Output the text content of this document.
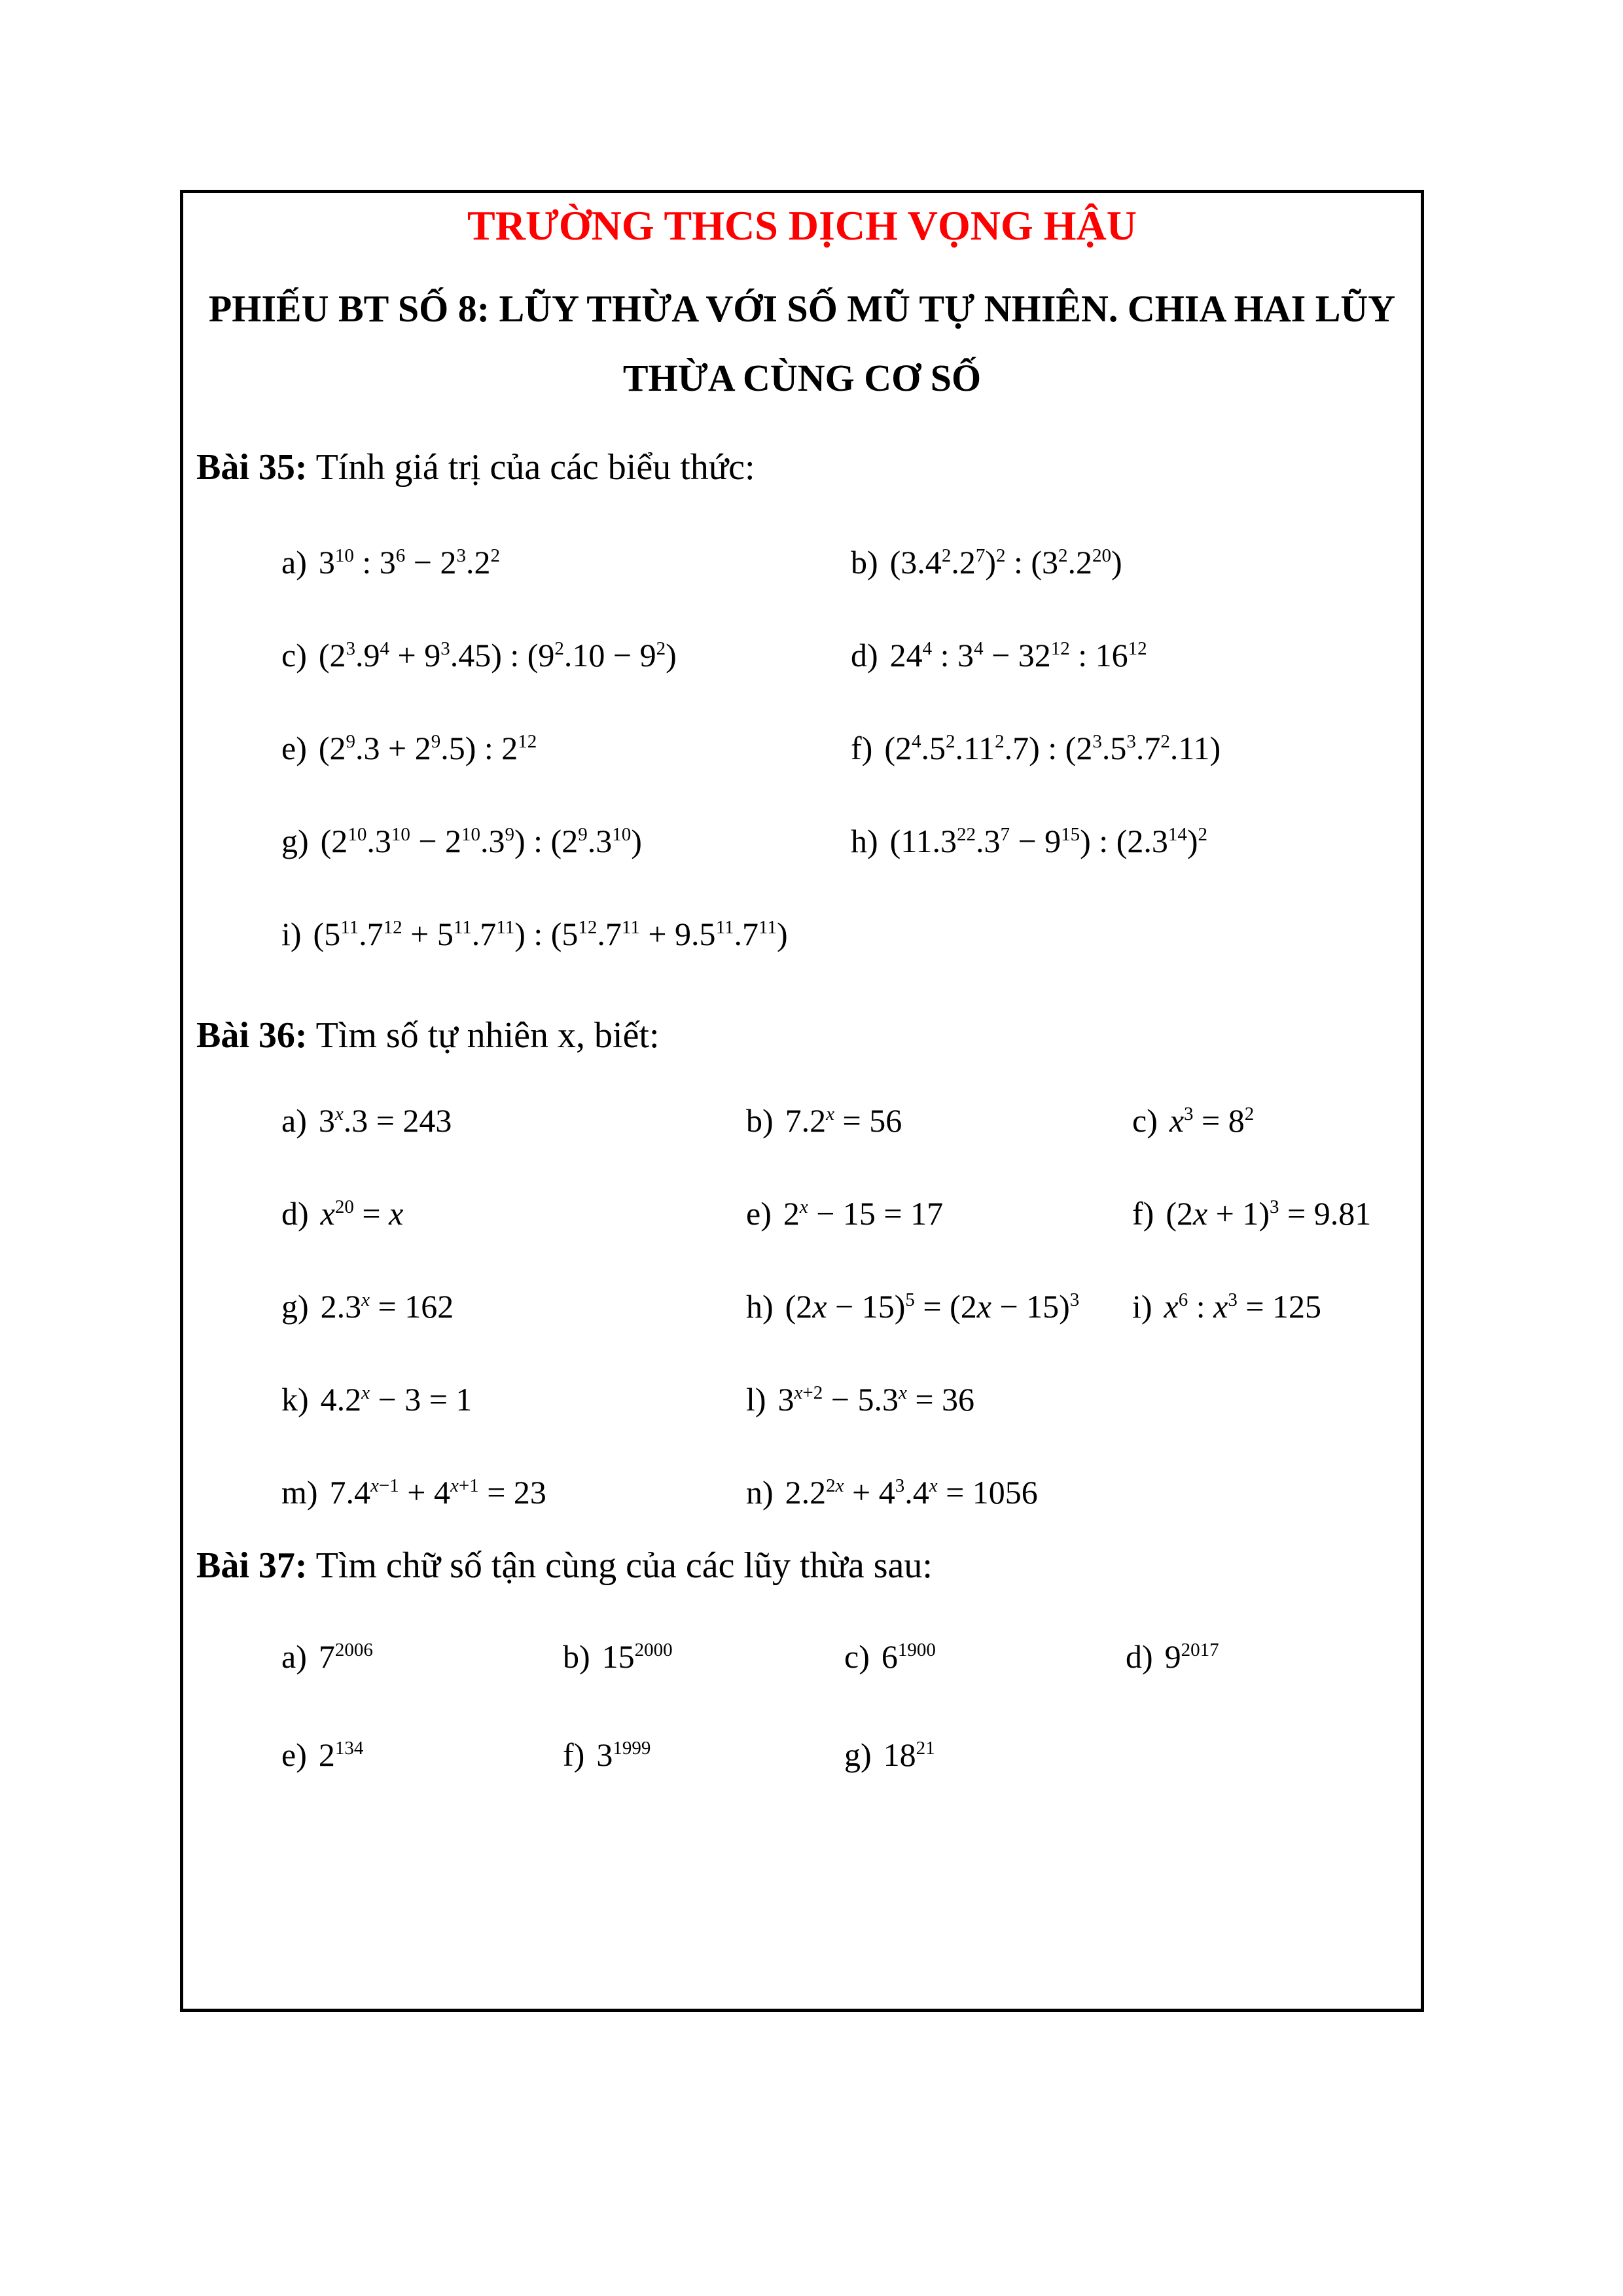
TRƯỜNG THCS DỊCH VỌNG HẬU
PHIẾU BT SỐ 8: LŨY THỪA VỚI SỐ MŨ TỰ NHIÊN. CHIA HAI LŨY
THỪA CÙNG CƠ SỐ

Bài 35: Tính giá trị của các biểu thức:

a) $3^{10}$ : $3^6 - 2^3.2^2$	b) $(3.4^2.2^7)^2$ : $(3^2.2^{20})$
c) $(2^3.9^4 + 9^3.45)$ : $(9^2.10 - 9^2)$	d) $24^4$ : $3^4 - 32^{12}$ : $16^{12}$
e) $(2^9.3 + 2^9.5)$ : $2^{12}$	f) $(2^4.5^2.11^2.7)$ : $(2^3.5^3.7^2.11)$
g) $(2^{10}.3^{10} - 2^{10}.3^9)$ : $(2^9.3^{10})$	h) $(11.3^{22}.3^7 - 9^{15})$ : $(2.3^{14})^2$
i) $(5^{11}.7^{12} + 5^{11}.7^{11})$ : $(5^{12}.7^{11} + 9.5^{11}.7^{11})$

Bài 36: Tìm số tự nhiên x, biết:

a) $3^x.3 = 243$	b) $7.2^x = 56$	c) $x^3 = 8^2$
d) $x^{20} = x$	e) $2^x - 15 = 17$	f) $(2x + 1)^3 = 9.81$
g) $2.3^x = 162$	h) $(2x - 15)^5 = (2x - 15)^3$	i) $x^6$ : $x^3 = 125$
k) $4.2^x - 3 = 1$	l) $3^{x+2} - 5.3^x = 36$
m) $7.4^{x-1} + 4^{x+1} = 23$	n) $2.2^{2x} + 4^3.4^x = 1056$

Bài 37: Tìm chữ số tận cùng của các lũy thừa sau:

a) $7^{2006}$	b) $15^{2000}$	c) $6^{1900}$	d) $9^{2017}$
e) $2^{134}$	f) $3^{1999}$	g) $18^{21}$
